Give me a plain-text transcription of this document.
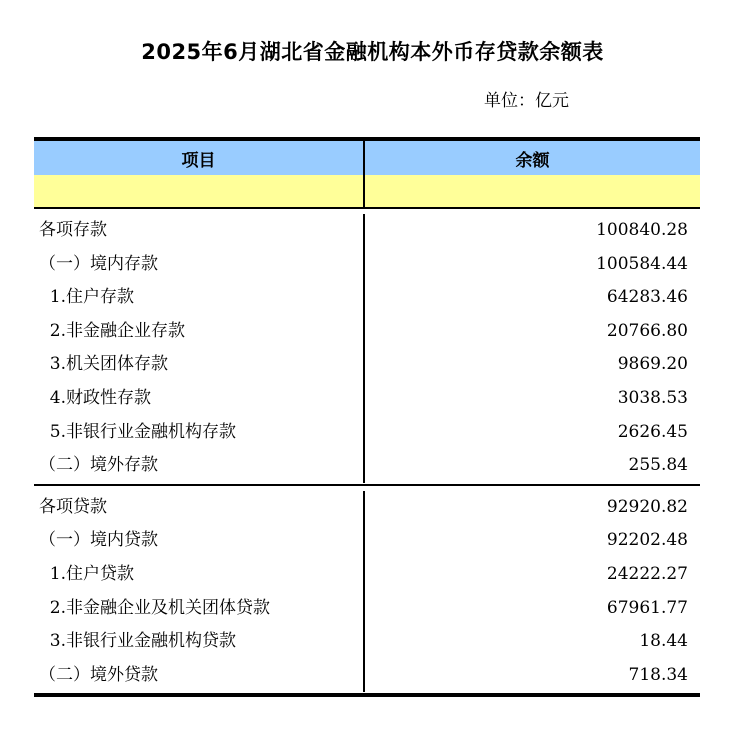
2025年6月湖北省金融机构本外币存贷款余额表
单位：亿元
项目	余额
各项存款
（一）境内存款
1.住户存款
2.非金融企业存款
3.机关团体存款
4.财政性存款
5.非银行业金融机构存款
（二）境外存款
100840.28
100584.44
64283.46
20766.80
9869.20
3038.53
2626.45
255.84
各项贷款
（一）境内贷款
1.住户贷款
2.非金融企业及机关团体贷款
3.非银行业金融机构贷款
（二）境外贷款
92920.82
92202.48
24222.27
67961.77
18.44
718.34
